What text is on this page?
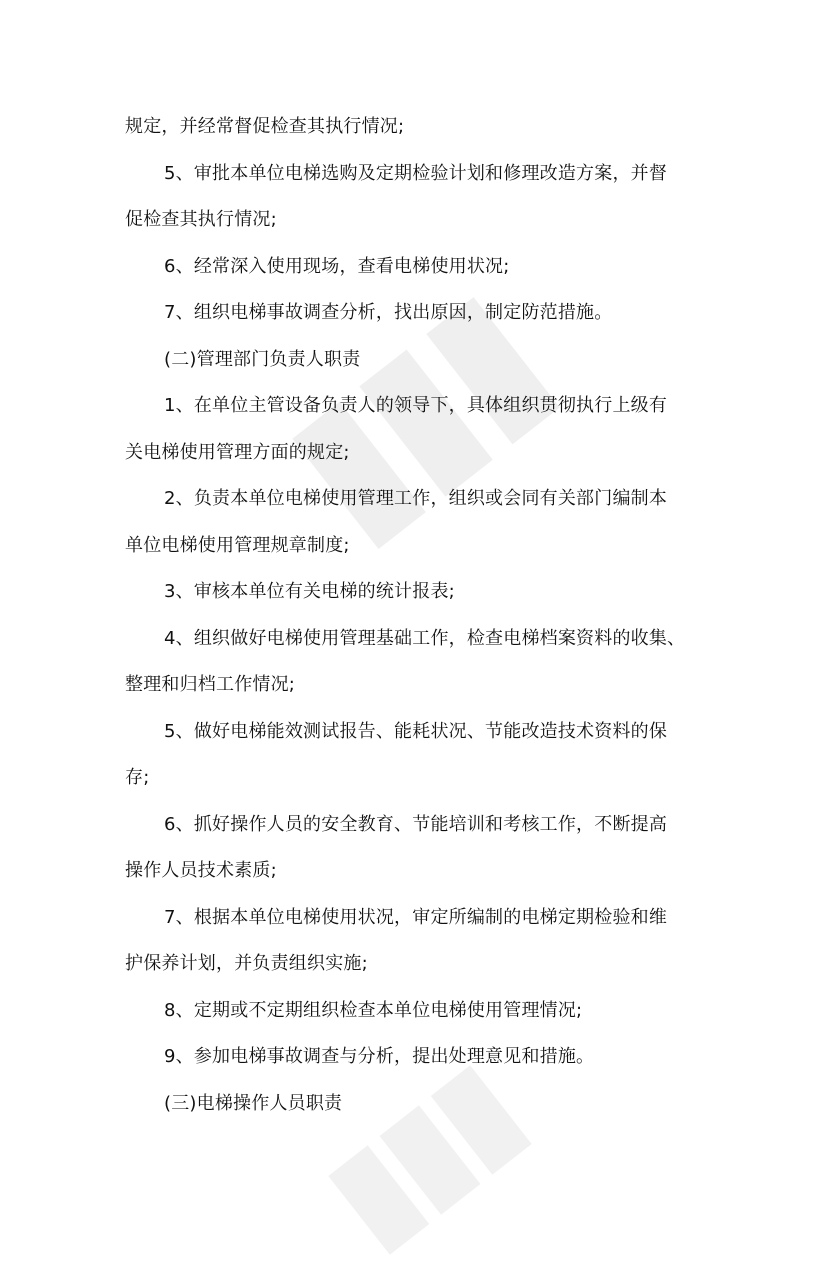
规定，并经常督促检查其执行情况;
5、审批本单位电梯选购及定期检验计划和修理改造方案，并督
促检查其执行情况;
6、经常深入使用现场，查看电梯使用状况;
7、组织电梯事故调查分析，找出原因，制定防范措施。
(二)管理部门负责人职责
1、在单位主管设备负责人的领导下，具体组织贯彻执行上级有
关电梯使用管理方面的规定;
2、负责本单位电梯使用管理工作，组织或会同有关部门编制本
单位电梯使用管理规章制度;
3、审核本单位有关电梯的统计报表;
4、组织做好电梯使用管理基础工作，检查电梯档案资料的收集、
整理和归档工作情况;
5、做好电梯能效测试报告、能耗状况、节能改造技术资料的保
存;
6、抓好操作人员的安全教育、节能培训和考核工作，不断提高
操作人员技术素质;
7、根据本单位电梯使用状况，审定所编制的电梯定期检验和维
护保养计划，并负责组织实施;
8、定期或不定期组织检查本单位电梯使用管理情况;
9、参加电梯事故调查与分析，提出处理意见和措施。
(三)电梯操作人员职责
